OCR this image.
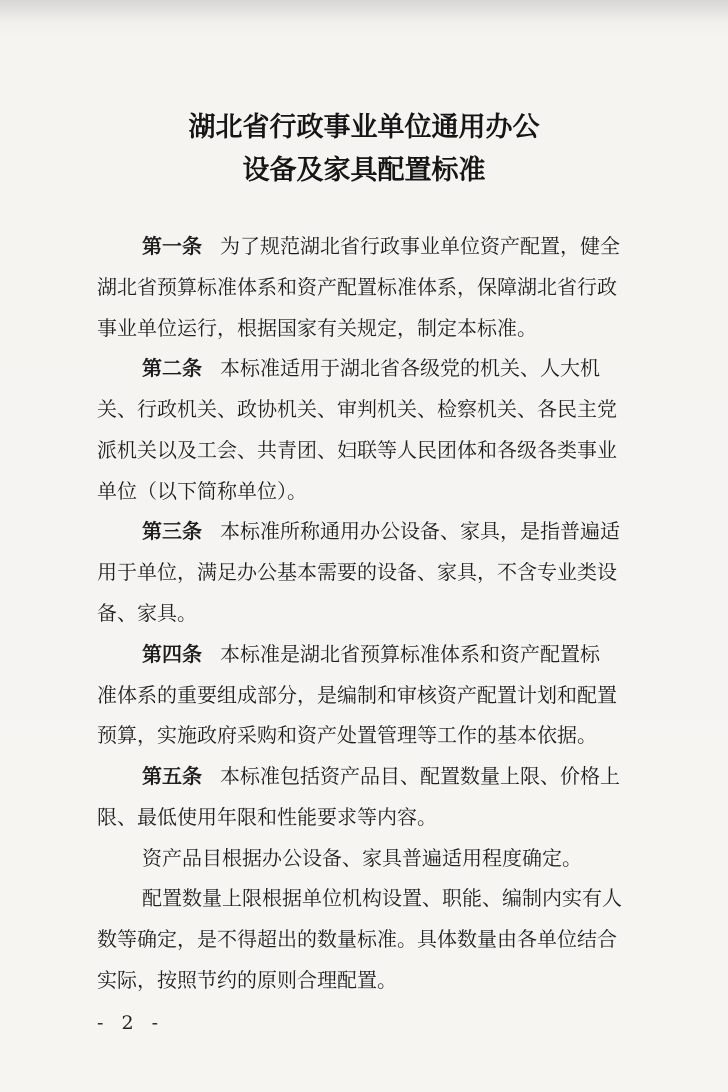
湖北省行政事业单位通用办公
设备及家具配置标准
第一条 为了规范湖北省行政事业单位资产配置，健全
湖北省预算标准体系和资产配置标准体系，保障湖北省行政
事业单位运行，根据国家有关规定，制定本标准。
第二条 本标准适用于湖北省各级党的机关、人大机
关、行政机关、政协机关、审判机关、检察机关、各民主党
派机关以及工会、共青团、妇联等人民团体和各级各类事业
单位（以下简称单位）。
第三条 本标准所称通用办公设备、家具，是指普遍适
用于单位，满足办公基本需要的设备、家具，不含专业类设
备、家具。
第四条 本标准是湖北省预算标准体系和资产配置标
准体系的重要组成部分，是编制和审核资产配置计划和配置
预算，实施政府采购和资产处置管理等工作的基本依据。
第五条 本标准包括资产品目、配置数量上限、价格上
限、最低使用年限和性能要求等内容。
资产品目根据办公设备、家具普遍适用程度确定。
配置数量上限根据单位机构设置、职能、编制内实有人
数等确定，是不得超出的数量标准。具体数量由各单位结合
实际，按照节约的原则合理配置。
- 2 -
